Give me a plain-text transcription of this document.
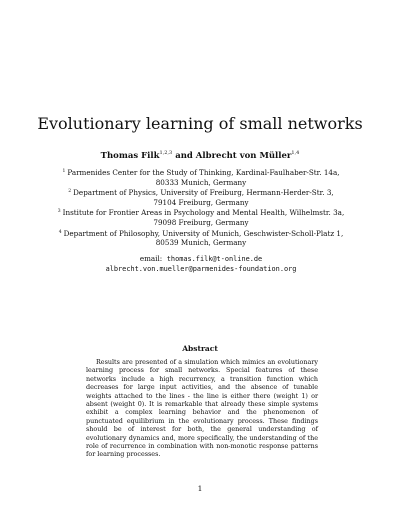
Evolutionary learning of small networks
Thomas Filk$^{1,2,3}$ and Albrecht von Müller$^{1,4}$
$^1$ Parmenides Center for the Study of Thinking, Kardinal-Faulhaber-Str. 14a, 80333 Munich, Germany
$^2$ Department of Physics, University of Freiburg, Hermann-Herder-Str. 3, 79104 Freiburg, Germany
$^3$ Institute for Frontier Areas in Psychology and Mental Health, Wilhelmstr. 3a, 79098 Freiburg, Germany
$^4$ Department of Philosophy, University of Munich, Geschwister-Scholl-Platz 1, 80539 Munich, Germany
email: thomas.filk@t-online.de
albrecht.von.mueller@parmenides-foundation.org
Abstract

Results are presented of a simulation which mimics an evolutionary learning process for small networks. Special features of these networks include a high recurrency, a transition function which decreases for large input activities, and the absence of tunable weights attached to the lines - the line is either there (weight 1) or absent (weight 0). It is remarkable that already these simple systems exhibit a complex learning behavior and the phenomenon of punctuated equilibrium in the evolutionary process. These findings should be of interest for both, the general understanding of evolutionary dynamics and, more specifically, the understanding of the role of recurrence in combination with non-monotic response patterns for learning processes.

1
